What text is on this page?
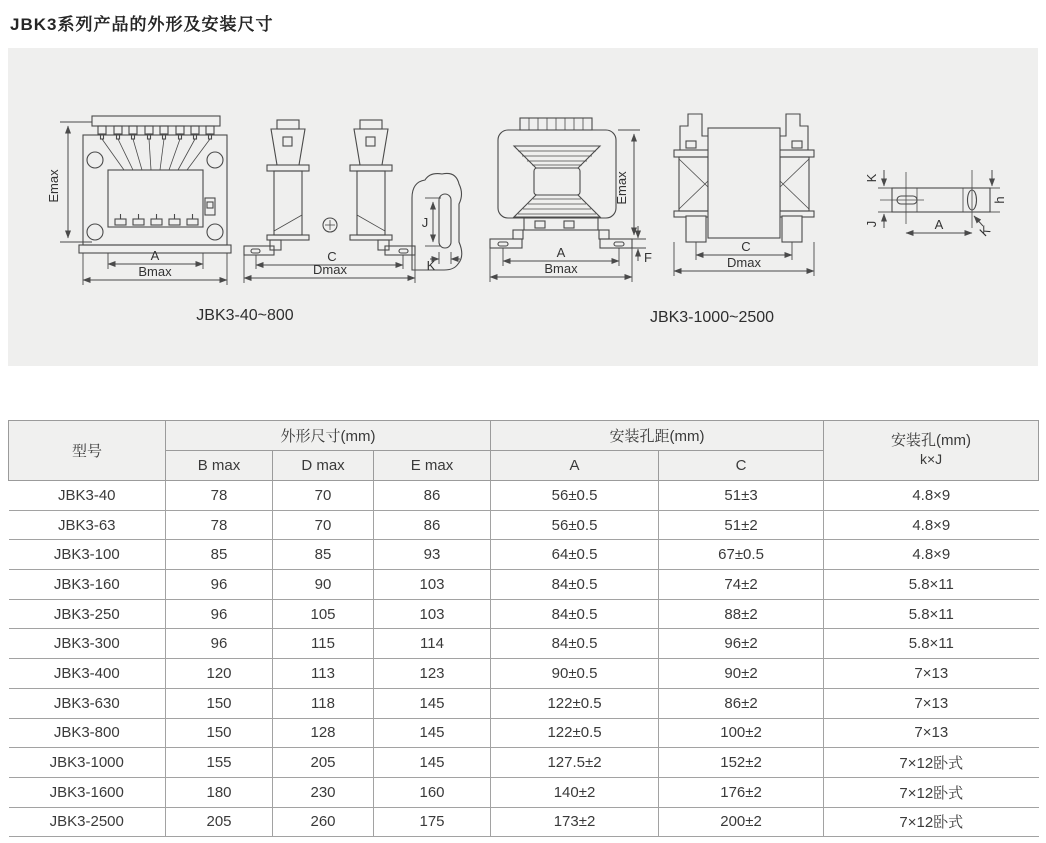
JBK3系列产品的外形及安装尺寸
Emax
A
Bmax
C
Dmax
J
K
Emax
F
A
Bmax
C
Dmax
K
J	A
h
K
JBK3-40~800	JBK3-1000~2500
型号	外形尺寸(mm)			安装孔距(mm)		安装孔(mm)
k×J

	B max	D max	E max	A	C	
JBK3-40	78	70	86	56±0.5	51±3	4.8×9
JBK3-63	78	70	86	56±0.5	51±2	4.8×9
JBK3-100	85	85	93	64±0.5	67±0.5	4.8×9
JBK3-160	96	90	103	84±0.5	74±2	5.8×11
JBK3-250	96	105	103	84±0.5	88±2	5.8×11
JBK3-300	96	115	114	84±0.5	96±2	5.8×11
JBK3-400	120	113	123	90±0.5	90±2	7×13
JBK3-630	150	118	145	122±0.5	86±2	7×13
JBK3-800	150	128	145	122±0.5	100±2	7×13
JBK3-1000	155	205	145	127.5±2	152±2	7×12卧式
JBK3-1600	180	230	160	140±2	176±2	7×12卧式
JBK3-2500	205	260	175	173±2	200±2	7×12卧式
